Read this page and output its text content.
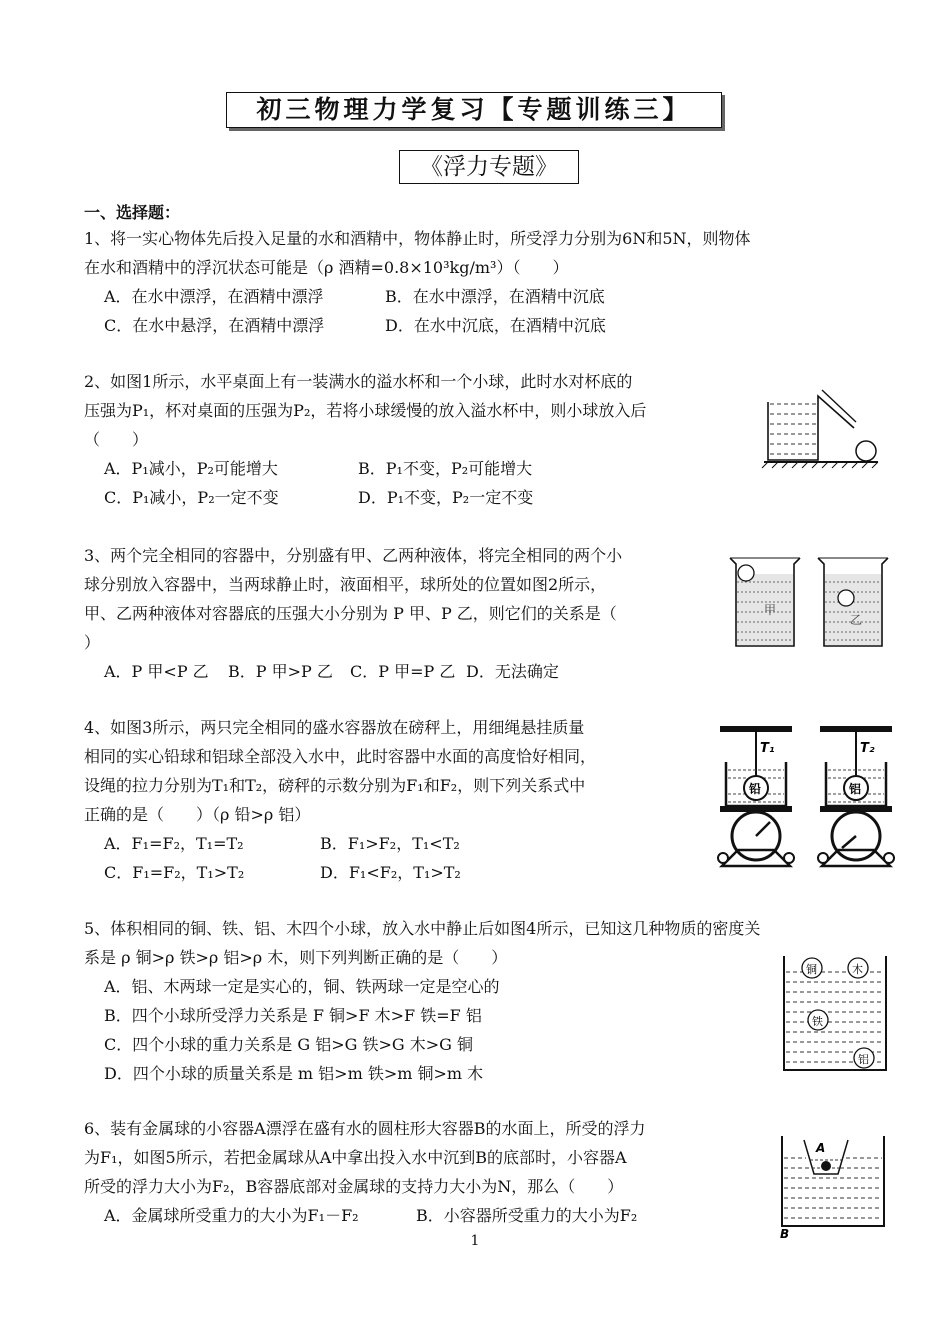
初三物理力学复习【专题训练三】
《浮力专题》
一、选择题：
1、将一实心物体先后投入足量的水和酒精中，物体静止时，所受浮力分别为6N和5N，则物体
在水和酒精中的浮沉状态可能是（ρ 酒精=0.8×10³kg/m³）（　　）
A．在水中漂浮，在酒精中漂浮	B．在水中漂浮，在酒精中沉底
C．在水中悬浮，在酒精中漂浮	D．在水中沉底，在酒精中沉底
2、如图1所示，水平桌面上有一装满水的溢水杯和一个小球，此时水对杯底的
压强为P₁，杯对桌面的压强为P₂，若将小球缓慢的放入溢水杯中，则小球放入后
（　　）
A．P₁减小，P₂可能增大	B．P₁不变，P₂可能增大
C．P₁减小，P₂一定不变	D．P₁不变，P₂一定不变
3、两个完全相同的容器中，分别盛有甲、乙两种液体，将完全相同的两个小
球分别放入容器中，当两球静止时，液面相平，球所处的位置如图2所示，
甲、乙两种液体对容器底的压强大小分别为 P 甲、P 乙，则它们的关系是（
）
A．P 甲<P 乙 B．P 甲>P 乙 C．P 甲=P 乙 D．无法确定
甲
乙
4、如图3所示，两只完全相同的盛水容器放在磅秤上，用细绳悬挂质量
相同的实心铅球和铝球全部没入水中，此时容器中水面的高度恰好相同，
设绳的拉力分别为T₁和T₂，磅秤的示数分别为F₁和F₂，则下列关系式中
正确的是（　　）（ρ 铅>ρ 铝）
A．F₁=F₂，T₁=T₂	B．F₁>F₂，T₁<T₂
C．F₁=F₂，T₁>T₂	D．F₁<F₂，T₁>T₂
T₁
铅
T₂
铝
5、体积相同的铜、铁、铝、木四个小球，放入水中静止后如图4所示，已知这几种物质的密度关
系是 ρ 铜>ρ 铁>ρ 铝>ρ 木，则下列判断正确的是（　　）
A．铝、木两球一定是实心的，铜、铁两球一定是空心的
B．四个小球所受浮力关系是 F 铜>F 木>F 铁=F 铝
C．四个小球的重力关系是 G 铝>G 铁>G 木>G 铜
D．四个小球的质量关系是 m 铝>m 铁>m 铜>m 木
铜	木
铁
铝
6、装有金属球的小容器A漂浮在盛有水的圆柱形大容器B的水面上，所受的浮力
为F₁，如图5所示，若把金属球从A中拿出投入水中沉到B的底部时，小容器A
所受的浮力大小为F₂，B容器底部对金属球的支持力大小为N，那么（　　）
A．金属球所受重力的大小为F₁－F₂	B．小容器所受重力的大小为F₂
A
B
1
